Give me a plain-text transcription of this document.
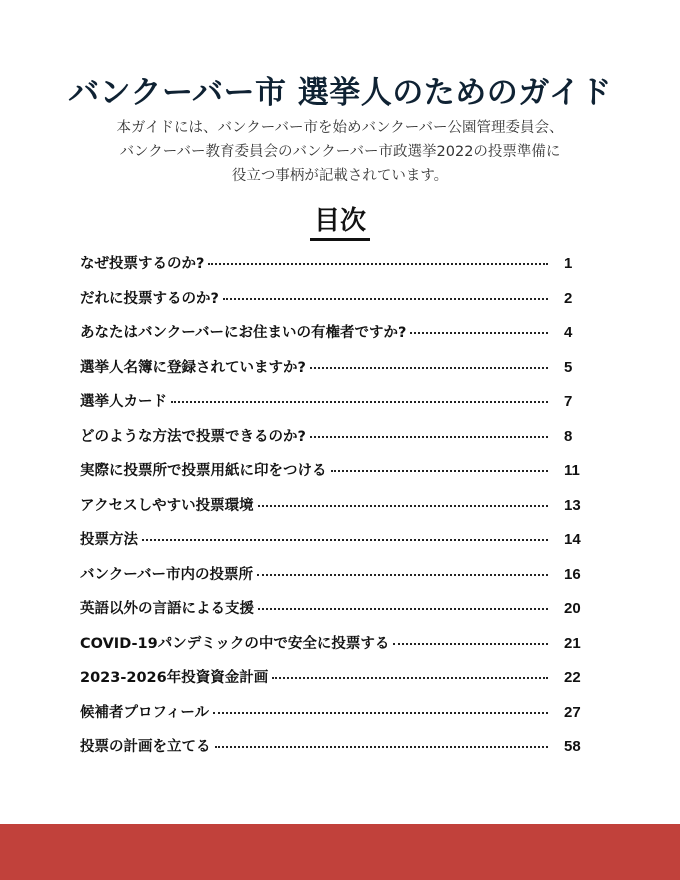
バンクーバー市 選挙人のためのガイド

本ガイドには、バンクーバー市を始めバンクーバー公園管理委員会、

バンクーバー教育委員会のバンクーバー市政選挙2022の投票準備に

役立つ事柄が記載されています。

目次
なぜ投票するのか?	1
だれに投票するのか?	2
あなたはバンクーバーにお住まいの有権者ですか?	4
選挙人名簿に登録されていますか?	5
選挙人カード	7
どのような方法で投票できるのか?	8
実際に投票所で投票用紙に印をつける	11
アクセスしやすい投票環境	13
投票方法	14
バンクーバー市内の投票所	16
英語以外の言語による支援	20
COVID-19パンデミックの中で安全に投票する	21
2023-2026年投資資金計画	22
候補者プロフィール	27
投票の計画を立てる	58
